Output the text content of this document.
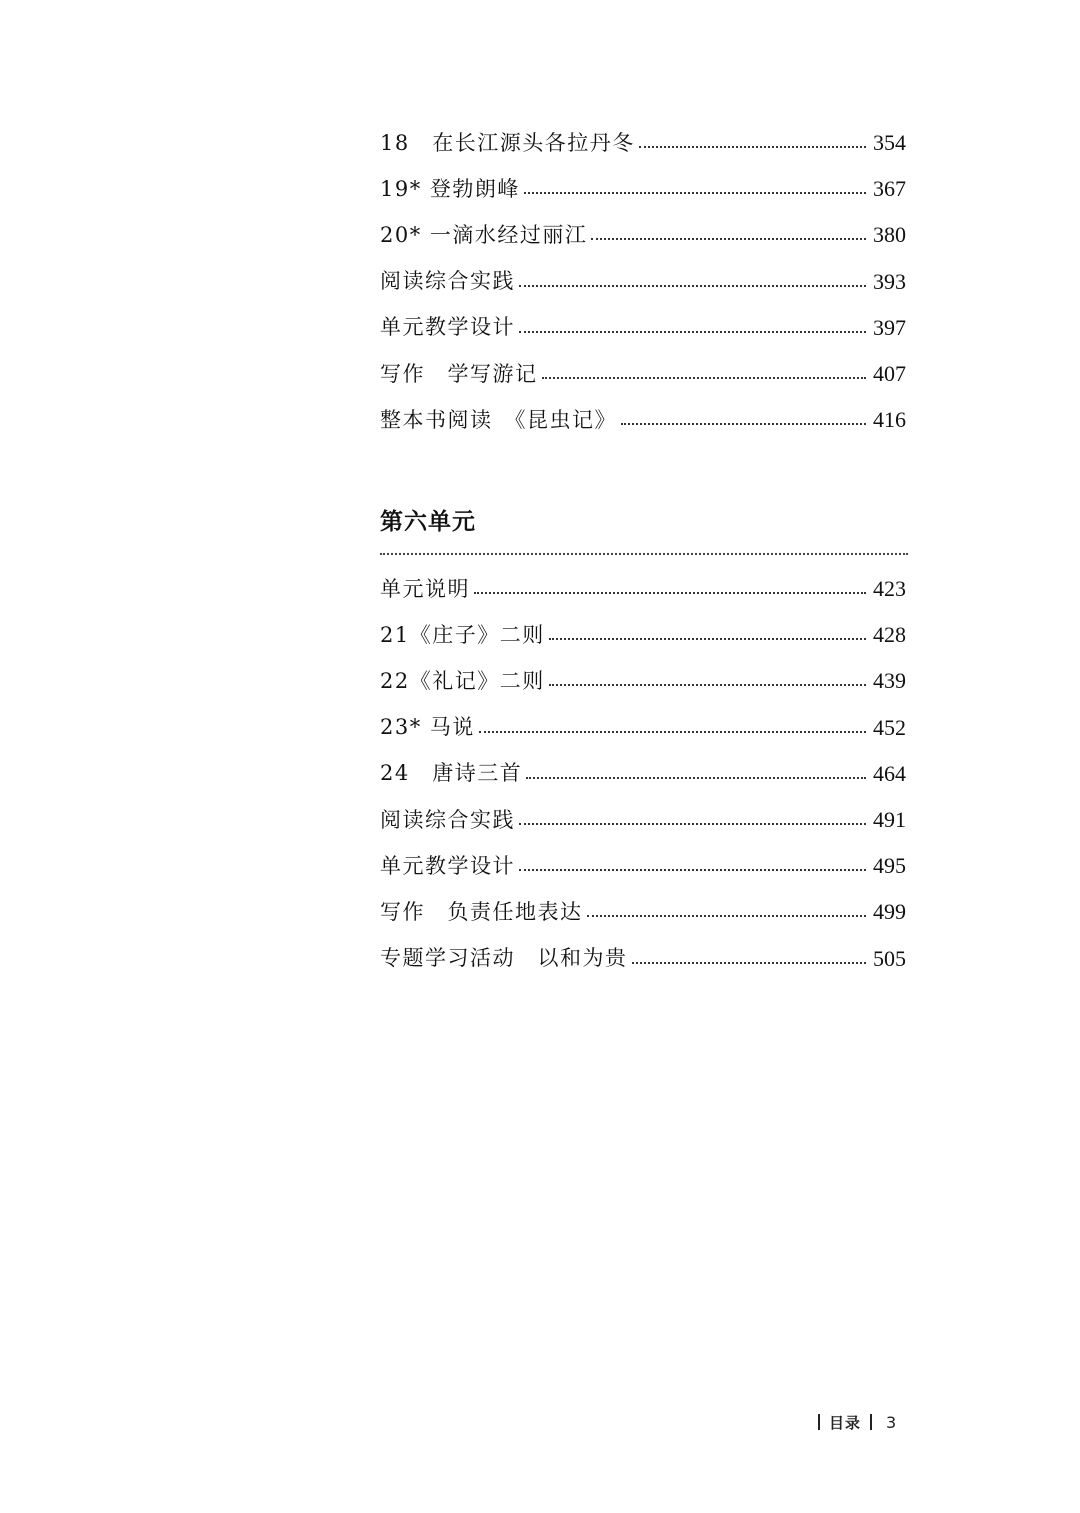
18　在长江源头各拉丹冬	354
19* 登勃朗峰	367
20* 一滴水经过丽江	380
阅读综合实践	393
单元教学设计	397
写作　学写游记	407
整本书阅读　《昆虫记》	416
第六单元
单元说明	423
21《庄子》二则	428
22《礼记》二则	439
23* 马说	452
24　唐诗三首	464
阅读综合实践	491
单元教学设计	495
写作　负责任地表达	499
专题学习活动　以和为贵	505
目录 3
